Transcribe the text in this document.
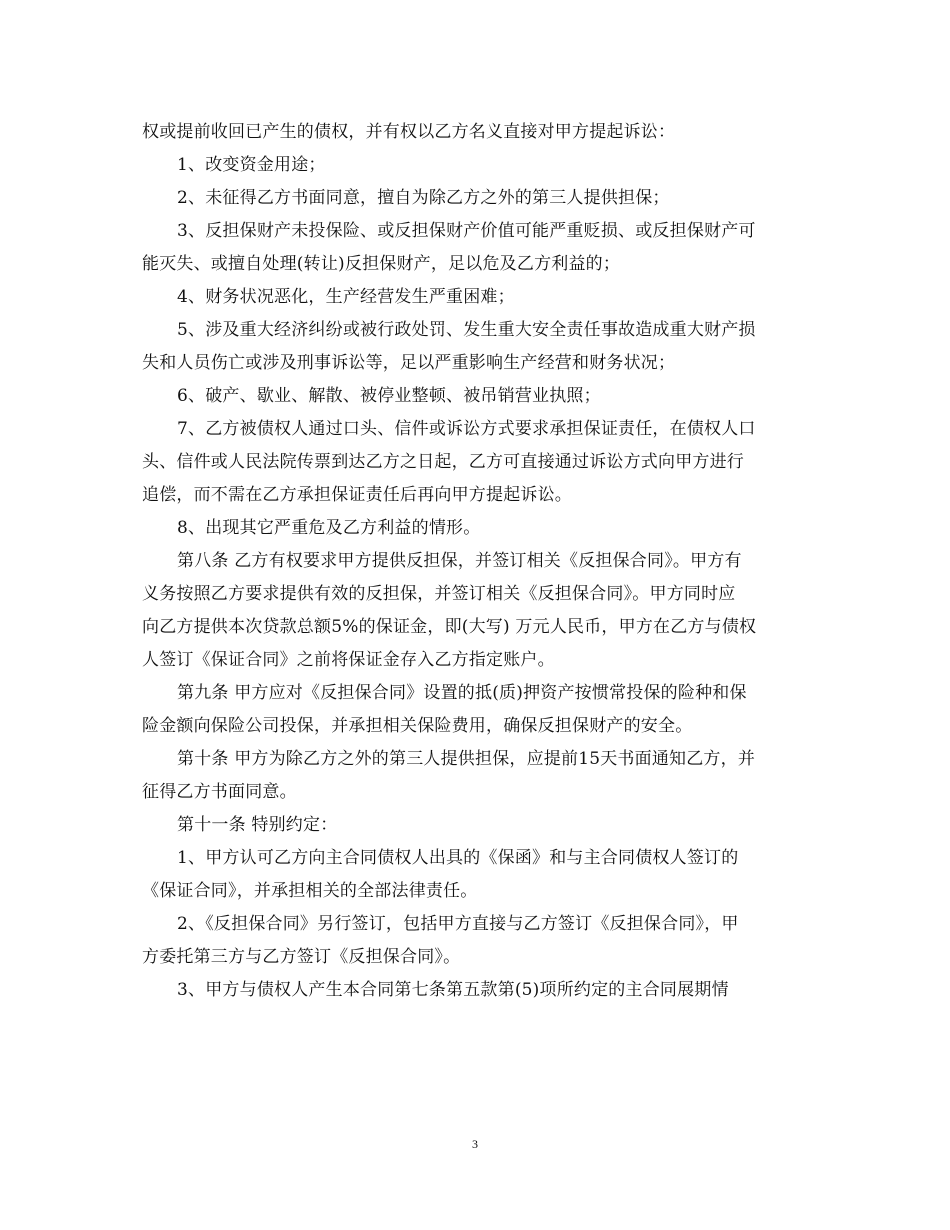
权或提前收回已产生的债权，并有权以乙方名义直接对甲方提起诉讼：
1、改变资金用途；
2、未征得乙方书面同意，擅自为除乙方之外的第三人提供担保；
3、反担保财产未投保险、或反担保财产价值可能严重贬损、或反担保财产可
能灭失、或擅自处理(转让)反担保财产，足以危及乙方利益的；
4、财务状况恶化，生产经营发生严重困难；
5、涉及重大经济纠纷或被行政处罚、发生重大安全责任事故造成重大财产损
失和人员伤亡或涉及刑事诉讼等，足以严重影响生产经营和财务状况；
6、破产、歇业、解散、被停业整顿、被吊销营业执照；
7、乙方被债权人通过口头、信件或诉讼方式要求承担保证责任，在债权人口
头、信件或人民法院传票到达乙方之日起，乙方可直接通过诉讼方式向甲方进行
追偿，而不需在乙方承担保证责任后再向甲方提起诉讼。
8、出现其它严重危及乙方利益的情形。
第八条 乙方有权要求甲方提供反担保，并签订相关《反担保合同》。甲方有
义务按照乙方要求提供有效的反担保，并签订相关《反担保合同》。甲方同时应
向乙方提供本次贷款总额5%的保证金，即(大写) 万元人民币，甲方在乙方与债权
人签订《保证合同》之前将保证金存入乙方指定账户。
第九条 甲方应对《反担保合同》设置的抵(质)押资产按惯常投保的险种和保
险金额向保险公司投保，并承担相关保险费用，确保反担保财产的安全。
第十条 甲方为除乙方之外的第三人提供担保，应提前15天书面通知乙方，并
征得乙方书面同意。
第十一条 特别约定：
1、甲方认可乙方向主合同债权人出具的《保函》和与主合同债权人签订的
《保证合同》，并承担相关的全部法律责任。
2、《反担保合同》另行签订，包括甲方直接与乙方签订《反担保合同》，甲
方委托第三方与乙方签订《反担保合同》。
3、甲方与债权人产生本合同第七条第五款第(5)项所约定的主合同展期情
3
